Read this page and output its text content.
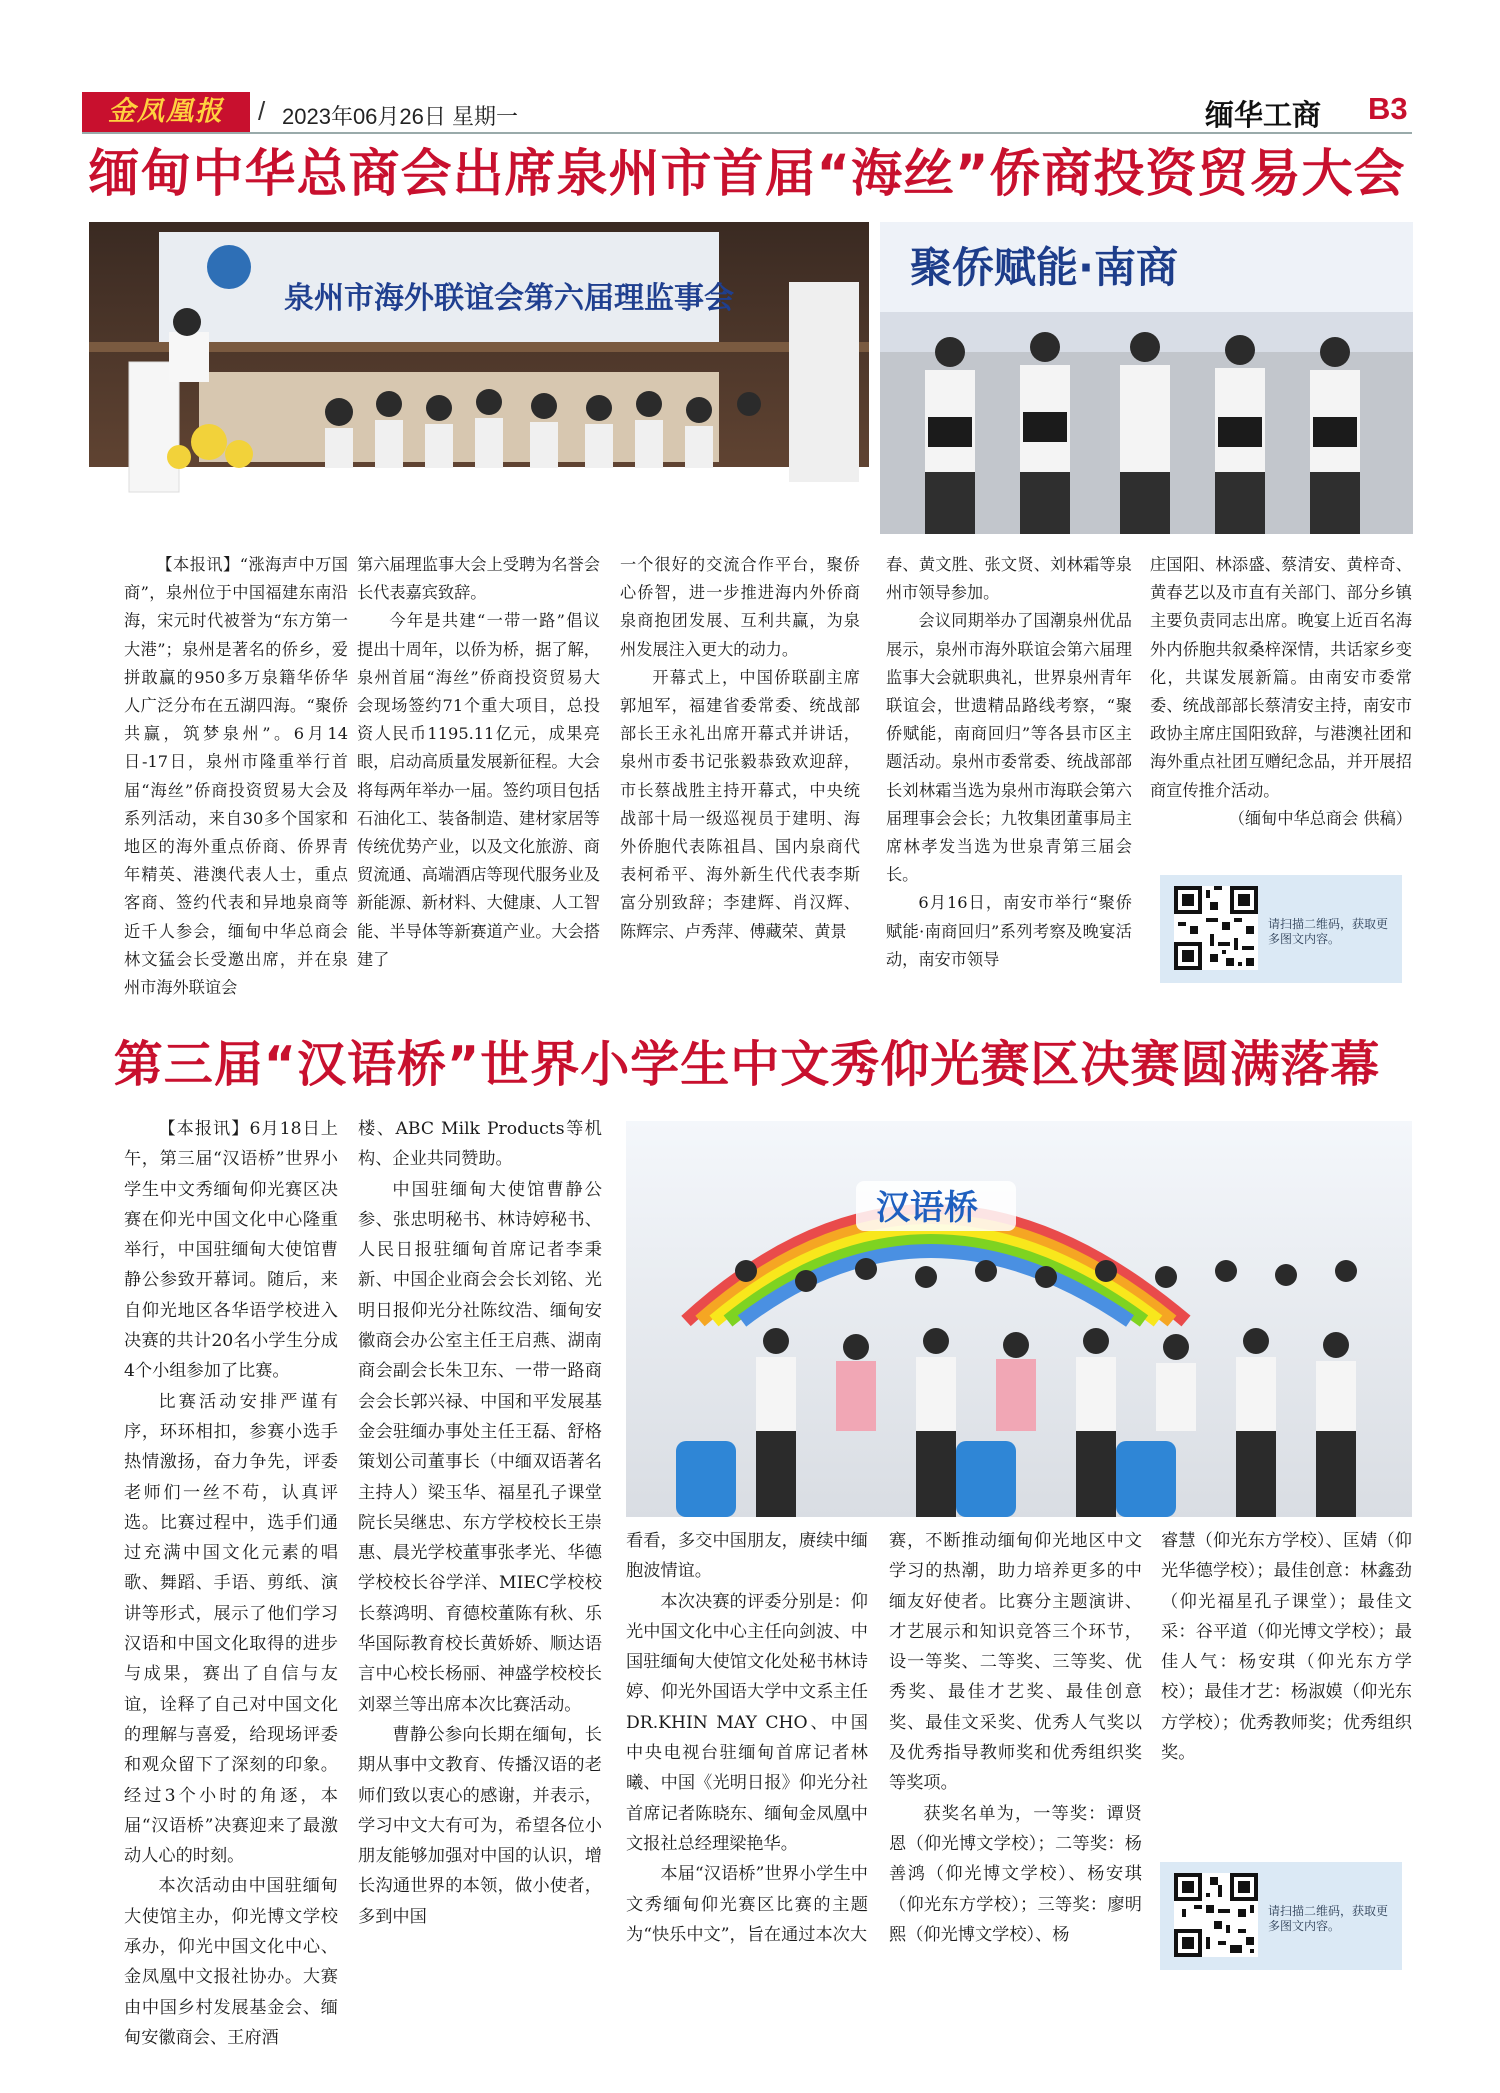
金凤凰报	/ 2023年06月26日 星期一	缅华工商 B3
缅甸中华总商会出席泉州市首届“海丝”侨商投资贸易大会
泉州市海外联谊会第六届理监事会
聚侨赋能·南商

【本报讯】“涨海声中万国商”，泉州位于中国福建东南沿海，宋元时代被誉为“东方第一大港”；泉州是著名的侨乡，爱拼敢赢的950多万泉籍华侨华人广泛分布在五湖四海。“聚侨共赢，筑梦泉州”。6月14日-17日，泉州市隆重举行首届“海丝”侨商投资贸易大会及系列活动，来自30多个国家和地区的海外重点侨商、侨界青年精英、港澳代表人士，重点客商、签约代表和异地泉商等近千人参会，缅甸中华总商会林文猛会长受邀出席，并在泉州市海外联谊会

第六届理监事大会上受聘为名誉会长代表嘉宾致辞。

今年是共建“一带一路”倡议提出十周年，以侨为桥，据了解，泉州首届“海丝”侨商投资贸易大会现场签约71个重大项目，总投资人民币1195.11亿元，成果亮眼，启动高质量发展新征程。大会将每两年举办一届。签约项目包括石油化工、装备制造、建材家居等传统优势产业，以及文化旅游、商贸流通、高端酒店等现代服务业及新能源、新材料、大健康、人工智能、半导体等新赛道产业。大会搭建了

一个很好的交流合作平台，聚侨心侨智，进一步推进海内外侨商泉商抱团发展、互利共赢，为泉州发展注入更大的动力。

开幕式上，中国侨联副主席郭旭军，福建省委常委、统战部部长王永礼出席开幕式并讲话，泉州市委书记张毅恭致欢迎辞，市长蔡战胜主持开幕式，中央统战部十局一级巡视员于建明、海外侨胞代表陈祖昌、国内泉商代表柯希平、海外新生代代表李斯富分别致辞；李建辉、肖汉辉、陈辉宗、卢秀萍、傅藏荣、黄景

春、黄文胜、张文贤、刘林霜等泉州市领导参加。

会议同期举办了国潮泉州优品展示，泉州市海外联谊会第六届理监事大会就职典礼，世界泉州青年联谊会，世遗精品路线考察，“聚侨赋能，南商回归”等各县市区主题活动。泉州市委常委、统战部部长刘林霜当选为泉州市海联会第六届理事会会长；九牧集团董事局主席林孝发当选为世泉青第三届会长。

6月16日，南安市举行“聚侨赋能·南商回归”系列考察及晚宴活动，南安市领导

庄国阳、林添盛、蔡清安、黄梓奇、黄春艺以及市直有关部门、部分乡镇主要负责同志出席。晚宴上近百名海外内侨胞共叙桑梓深情，共话家乡变化，共谋发展新篇。由南安市委常委、统战部部长蔡清安主持，南安市政协主席庄国阳致辞，与港澳社团和海外重点社团互赠纪念品，并开展招商宣传推介活动。

（缅甸中华总商会 供稿）

请扫描二维码，获取更多图文内容。
第三届“汉语桥”世界小学生中文秀仰光赛区决赛圆满落幕
汉语桥

【本报讯】6月18日上午，第三届“汉语桥”世界小学生中文秀缅甸仰光赛区决赛在仰光中国文化中心隆重举行，中国驻缅甸大使馆曹静公参致开幕词。随后，来自仰光地区各华语学校进入决赛的共计20名小学生分成4个小组参加了比赛。

比赛活动安排严谨有序，环环相扣，参赛小选手热情激扬，奋力争先，评委老师们一丝不苟，认真评选。比赛过程中，选手们通过充满中国文化元素的唱歌、舞蹈、手语、剪纸、演讲等形式，展示了他们学习汉语和中国文化取得的进步与成果，赛出了自信与友谊，诠释了自己对中国文化的理解与喜爱，给现场评委和观众留下了深刻的印象。经过3个小时的角逐，本届“汉语桥”决赛迎来了最激动人心的时刻。

本次活动由中国驻缅甸大使馆主办，仰光博文学校承办，仰光中国文化中心、金凤凰中文报社协办。大赛由中国乡村发展基金会、缅甸安徽商会、王府酒

楼、ABC Milk Products等机构、企业共同赞助。

中国驻缅甸大使馆曹静公参、张忠明秘书、林诗婷秘书、人民日报驻缅甸首席记者李秉新、中国企业商会会长刘铭、光明日报仰光分社陈纹浩、缅甸安徽商会办公室主任王启燕、湖南商会副会长朱卫东、一带一路商会会长郭兴禄、中国和平发展基金会驻缅办事处主任王磊、舒格策划公司董事长（中缅双语著名主持人）梁玉华、福星孔子课堂院长吴继忠、东方学校校长王崇惠、晨光学校董事张孝光、华德学校校长谷学洋、MIEC学校校长蔡鸿明、育德校董陈有秋、乐华国际教育校长黄娇娇、顺达语言中心校长杨丽、神盛学校校长刘翠兰等出席本次比赛活动。

曹静公参向长期在缅甸，长期从事中文教育、传播汉语的老师们致以衷心的感谢，并表示，学习中文大有可为，希望各位小朋友能够加强对中国的认识，增长沟通世界的本领，做小使者，多到中国

看看，多交中国朋友，赓续中缅胞波情谊。

本次决赛的评委分别是：仰光中国文化中心主任向剑波、中国驻缅甸大使馆文化处秘书林诗婷、仰光外国语大学中文系主任DR.KHIN MAY CHO、中国中央电视台驻缅甸首席记者林曦、中国《光明日报》仰光分社首席记者陈晓东、缅甸金凤凰中文报社总经理梁艳华。

本届“汉语桥”世界小学生中文秀缅甸仰光赛区比赛的主题为“快乐中文”，旨在通过本次大

赛，不断推动缅甸仰光地区中文学习的热潮，助力培养更多的中缅友好使者。比赛分主题演讲、才艺展示和知识竞答三个环节，设一等奖、二等奖、三等奖、优秀奖、最佳才艺奖、最佳创意奖、最佳文采奖、优秀人气奖以及优秀指导教师奖和优秀组织奖等奖项。

获奖名单为，一等奖：谭贤恩（仰光博文学校）；二等奖：杨善鸿（仰光博文学校）、杨安琪（仰光东方学校）；三等奖：廖明熙（仰光博文学校）、杨

睿慧（仰光东方学校）、匡婧（仰光华德学校）；最佳创意：林鑫劲（仰光福星孔子课堂）；最佳文采：谷平道（仰光博文学校）；最佳人气：杨安琪（仰光东方学校）；最佳才艺：杨淑嫫（仰光东方学校）；优秀教师奖；优秀组织奖。

请扫描二维码，获取更多图文内容。
